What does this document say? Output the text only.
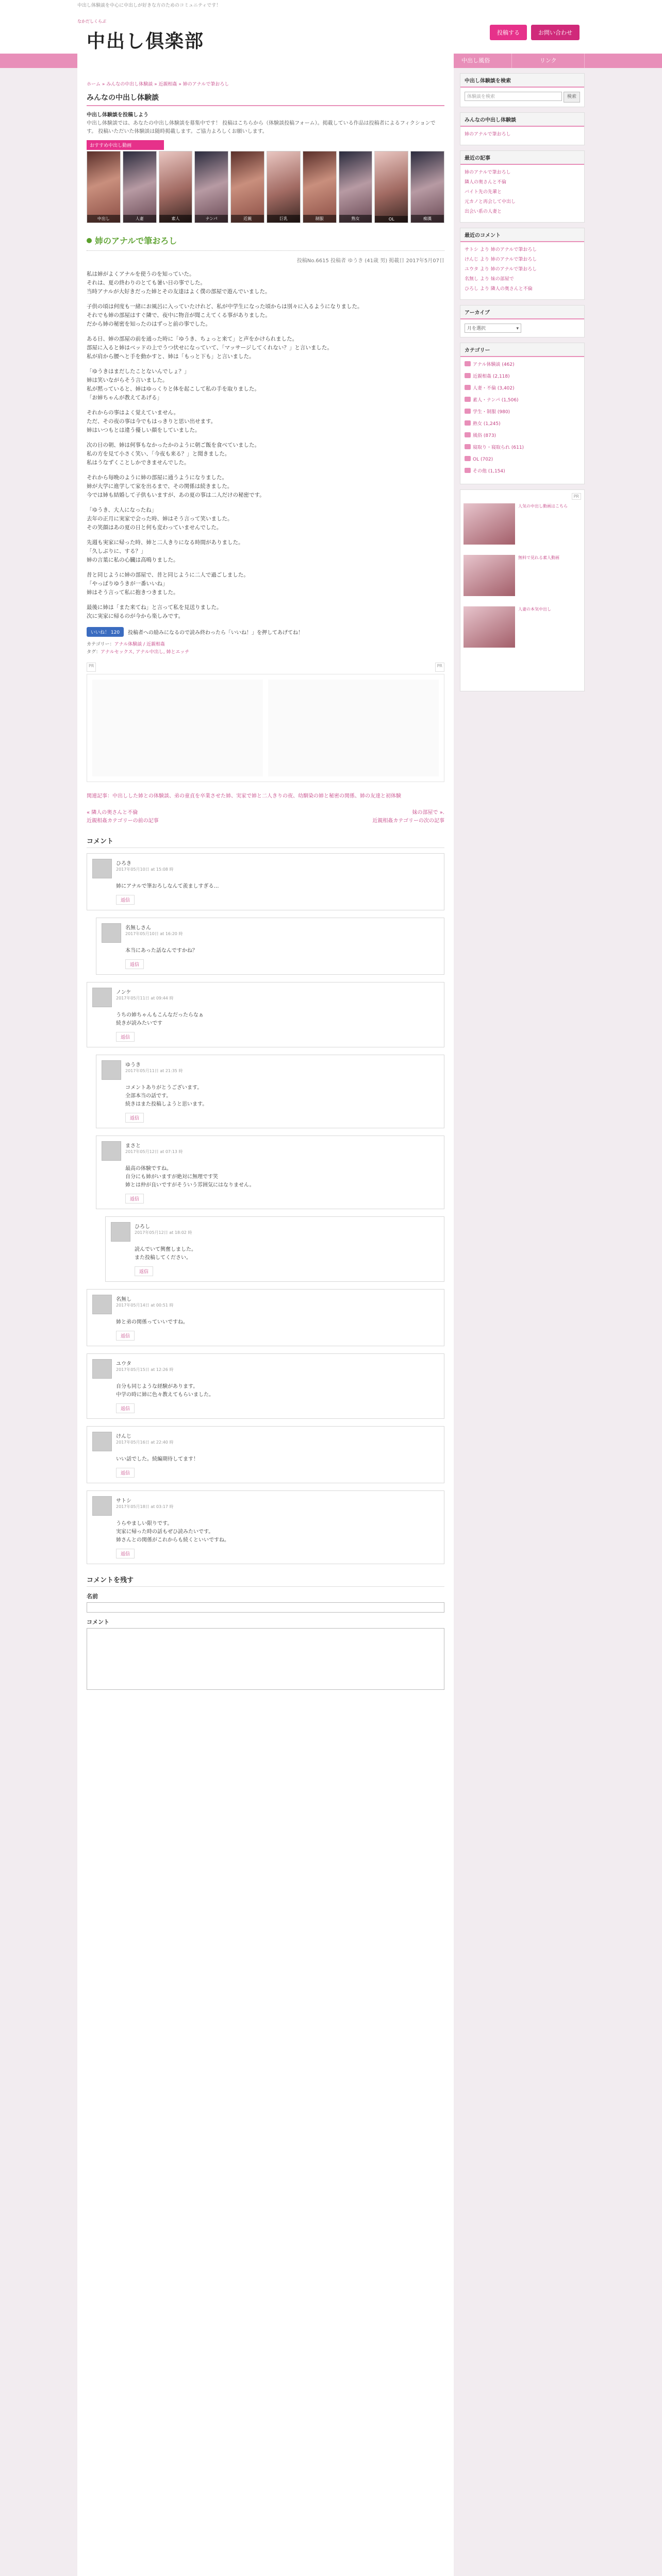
中出し体験談を中心に中出しが好きな方のためのコミュニティです！
なかだしくらぶ
中出し倶楽部	投稿する	お問い合わせ
中出し風俗	リンク
ホーム » みんなの中出し体験談 » 近親相姦 » 姉のアナルで筆おろし
みんなの中出し体験談
中出し体験談を投稿しよう
中出し体験談では、あなたの中出し体験談を募集中です！ 投稿はこちらから（体験談投稿フォーム）。掲載している作品は投稿者によるフィクションです。 投稿いただいた体験談は随時掲載します。ご協力よろしくお願いします。
おすすめ中出し動画
中出し	人妻	素人	ナンパ	近親	巨乳	制服	熟女	OL	痴漢
姉のアナルで筆おろし
投稿No.6615 投稿者 ゆうき (41歳 男) 掲載日 2017年5月07日

私は姉がよくアナルを使うのを知っていた。
それは、夏の終わりのとても暑い日の事でした。
当時アナルが大好きだった姉とその友達はよく僕の部屋で遊んでいました。

子供の頃は何度も一緒にお風呂に入っていたけれど、私が中学生になった頃からは別々に入るようになりました。
それでも姉の部屋はすぐ隣で、夜中に物音が聞こえてくる事がありました。
だから姉の秘密を知ったのはずっと前の事でした。

ある日、姉の部屋の前を通った時に「ゆうき、ちょっと来て」と声をかけられました。
部屋に入ると姉はベッドの上でうつ伏せになっていて、「マッサージしてくれない？」と言いました。
私が肩から腰へと手を動かすと、姉は「もっと下も」と言いました。

「ゆうきはまだしたことないんでしょ？」
姉は笑いながらそう言いました。
私が黙っていると、姉はゆっくりと体を起こして私の手を取りました。
「お姉ちゃんが教えてあげる」

それからの事はよく覚えていません。
ただ、その夜の事は今でもはっきりと思い出せます。
姉はいつもとは違う優しい顔をしていました。

次の日の朝、姉は何事もなかったかのように朝ご飯を食べていました。
私の方を見て小さく笑い、「今夜も来る？」と聞きました。
私はうなずくことしかできませんでした。

それから毎晩のように姉の部屋に通うようになりました。
姉が大学に進学して家を出るまで、その関係は続きました。
今では姉も結婚して子供もいますが、あの夏の事は二人だけの秘密です。

「ゆうき、大人になったね」
去年の正月に実家で会った時、姉はそう言って笑いました。
その笑顔はあの夏の日と何も変わっていませんでした。

先週も実家に帰った時、姉と二人きりになる時間がありました。
「久しぶりに、する？」
姉の言葉に私の心臓は高鳴りました。

昔と同じように姉の部屋で、昔と同じように二人で過ごしました。
「やっぱりゆうきが一番いいね」
姉はそう言って私に抱きつきました。

最後に姉は「また来てね」と言って私を見送りました。
次に実家に帰るのが今から楽しみです。

いいね！ 120	投稿者への励みになるので読み終わったら「いいね！」を押してあげてね！
カテゴリー：アナル体験談 / 近親相姦
タグ：アナルセックス, アナル中出し, 姉とエッチ
PR	PR
関連記事：中出しした姉との体験談、弟の童貞を卒業させた姉、実家で姉と二人きりの夜、幼馴染の姉と秘密の関係、姉の友達と初体験
« 隣人の奥さんと不倫
近親相姦カテゴリーの前の記事
妹の部屋で ».
近親相姦カテゴリーの次の記事
コメント
ひろき
2017年05月10日 at 15:08 時
姉にアナルで筆おろしなんて羨ましすぎる…
返信
名無しさん
2017年05月10日 at 16:20 時
本当にあった話なんですかね？
返信
ノンケ
2017年05月11日 at 09:44 時
うちの姉ちゃんもこんなだったらなぁ
続きが読みたいです
返信
ゆうき
2017年05月11日 at 21:35 時
コメントありがとうございます。
全部本当の話です。
続きはまた投稿しようと思います。
返信
まさと
2017年05月12日 at 07:13 時
最高の体験ですね。
自分にも姉がいますが絶対に無理です笑
姉とは仲が良いですがそういう雰囲気にはなりません。
返信
ひろし
2017年05月12日 at 18:02 時
読んでいて興奮しました。
また投稿してください。
返信
名無し
2017年05月14日 at 00:51 時
姉と弟の関係っていいですね。
返信
ユウタ
2017年05月15日 at 12:26 時
自分も同じような経験があります。
中学の時に姉に色々教えてもらいました。
返信
けんじ
2017年05月16日 at 22:40 時
いい話でした。続編期待してます！
返信
サトシ
2017年05月18日 at 03:17 時
うらやましい限りです。
実家に帰った時の話もぜひ読みたいです。
姉さんとの関係がこれからも続くといいですね。
返信
コメントを残す
名前
コメント
中出し体験談を検索
体験談を検索	検索
みんなの中出し体験談
姉のアナルで筆おろし
最近の記事
姉のアナルで筆おろし
隣人の奥さんと不倫
バイト先の先輩と
元カノと再会して中出し
出会い系の人妻と
最近のコメント
サトシ より 姉のアナルで筆おろし
けんじ より 姉のアナルで筆おろし
ユウタ より 姉のアナルで筆おろし
名無し より 妹の部屋で
ひろし より 隣人の奥さんと不倫
アーカイブ
月を選択	▾
カテゴリー
アナル体験談 (462)
近親相姦 (2,118)
人妻・不倫 (3,402)
素人・ナンパ (1,506)
学生・制服 (980)
熟女 (1,245)
風俗 (873)
寝取り・寝取られ (611)
OL (702)
その他 (1,154)
PR
人気の中出し動画はこちら
無料で見れる素人動画
人妻の本気中出し
